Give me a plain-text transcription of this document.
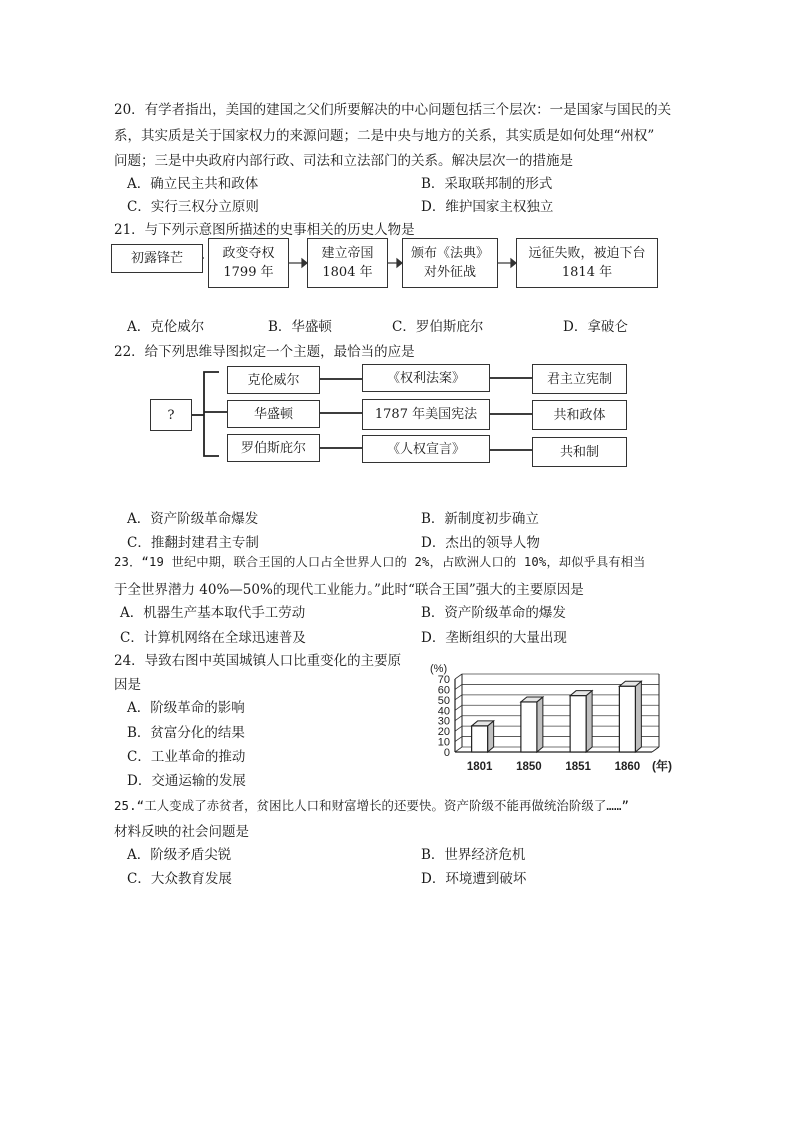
20．有学者指出，美国的建国之父们所要解决的中心问题包括三个层次：一是国家与国民的关
系，其实质是关于国家权力的来源问题；二是中央与地方的关系，其实质是如何处理“州权”
问题；三是中央政府内部行政、司法和立法部门的关系。解决层次一的措施是
A．确立民主共和政体	B．采取联邦制的形式
C．实行三权分立原则	D．维护国家主权独立
21．与下列示意图所描述的史事相关的历史人物是
初露锋芒	政变夺权
1799 年
建立帝国
1804 年
颁布《法典》
对外征战
远征失败，被迫下台
1814 年
A．克伦威尔	B．华盛顿	C．罗伯斯庇尔	D．拿破仑
22．给下列思维导图拟定一个主题，最恰当的应是
?
克伦威尔
华盛顿
罗伯斯庇尔
《权利法案》
1787 年美国宪法
《人权宣言》
君主立宪制
共和政体
共和制
A．资产阶级革命爆发	B．新制度初步确立
C．推翻封建君主专制	D．杰出的领导人物
23．“19 世纪中期，联合王国的人口占全世界人口的 2%，占欧洲人口的 10%，却似乎具有相当
于全世界潜力 40%—50%的现代工业能力。”此时“联合王国”强大的主要原因是
A．机器生产基本取代手工劳动	B．资产阶级革命的爆发
C．计算机网络在全球迅速普及	D．垄断组织的大量出现
24．导致右图中英国城镇人口比重变化的主要原
因是
A．阶级革命的影响
B．贫富分化的结果
C．工业革命的推动
D．交通运输的发展
0
10
20
30
40
50
60
70
(%)
1801 1850 1851 1860 (年)
25.“工人变成了赤贫者，贫困比人口和财富增长的还要快。资产阶级不能再做统治阶级了……”
材料反映的社会问题是
A．阶级矛盾尖锐	B．世界经济危机
C．大众教育发展	D．环境遭到破坏
